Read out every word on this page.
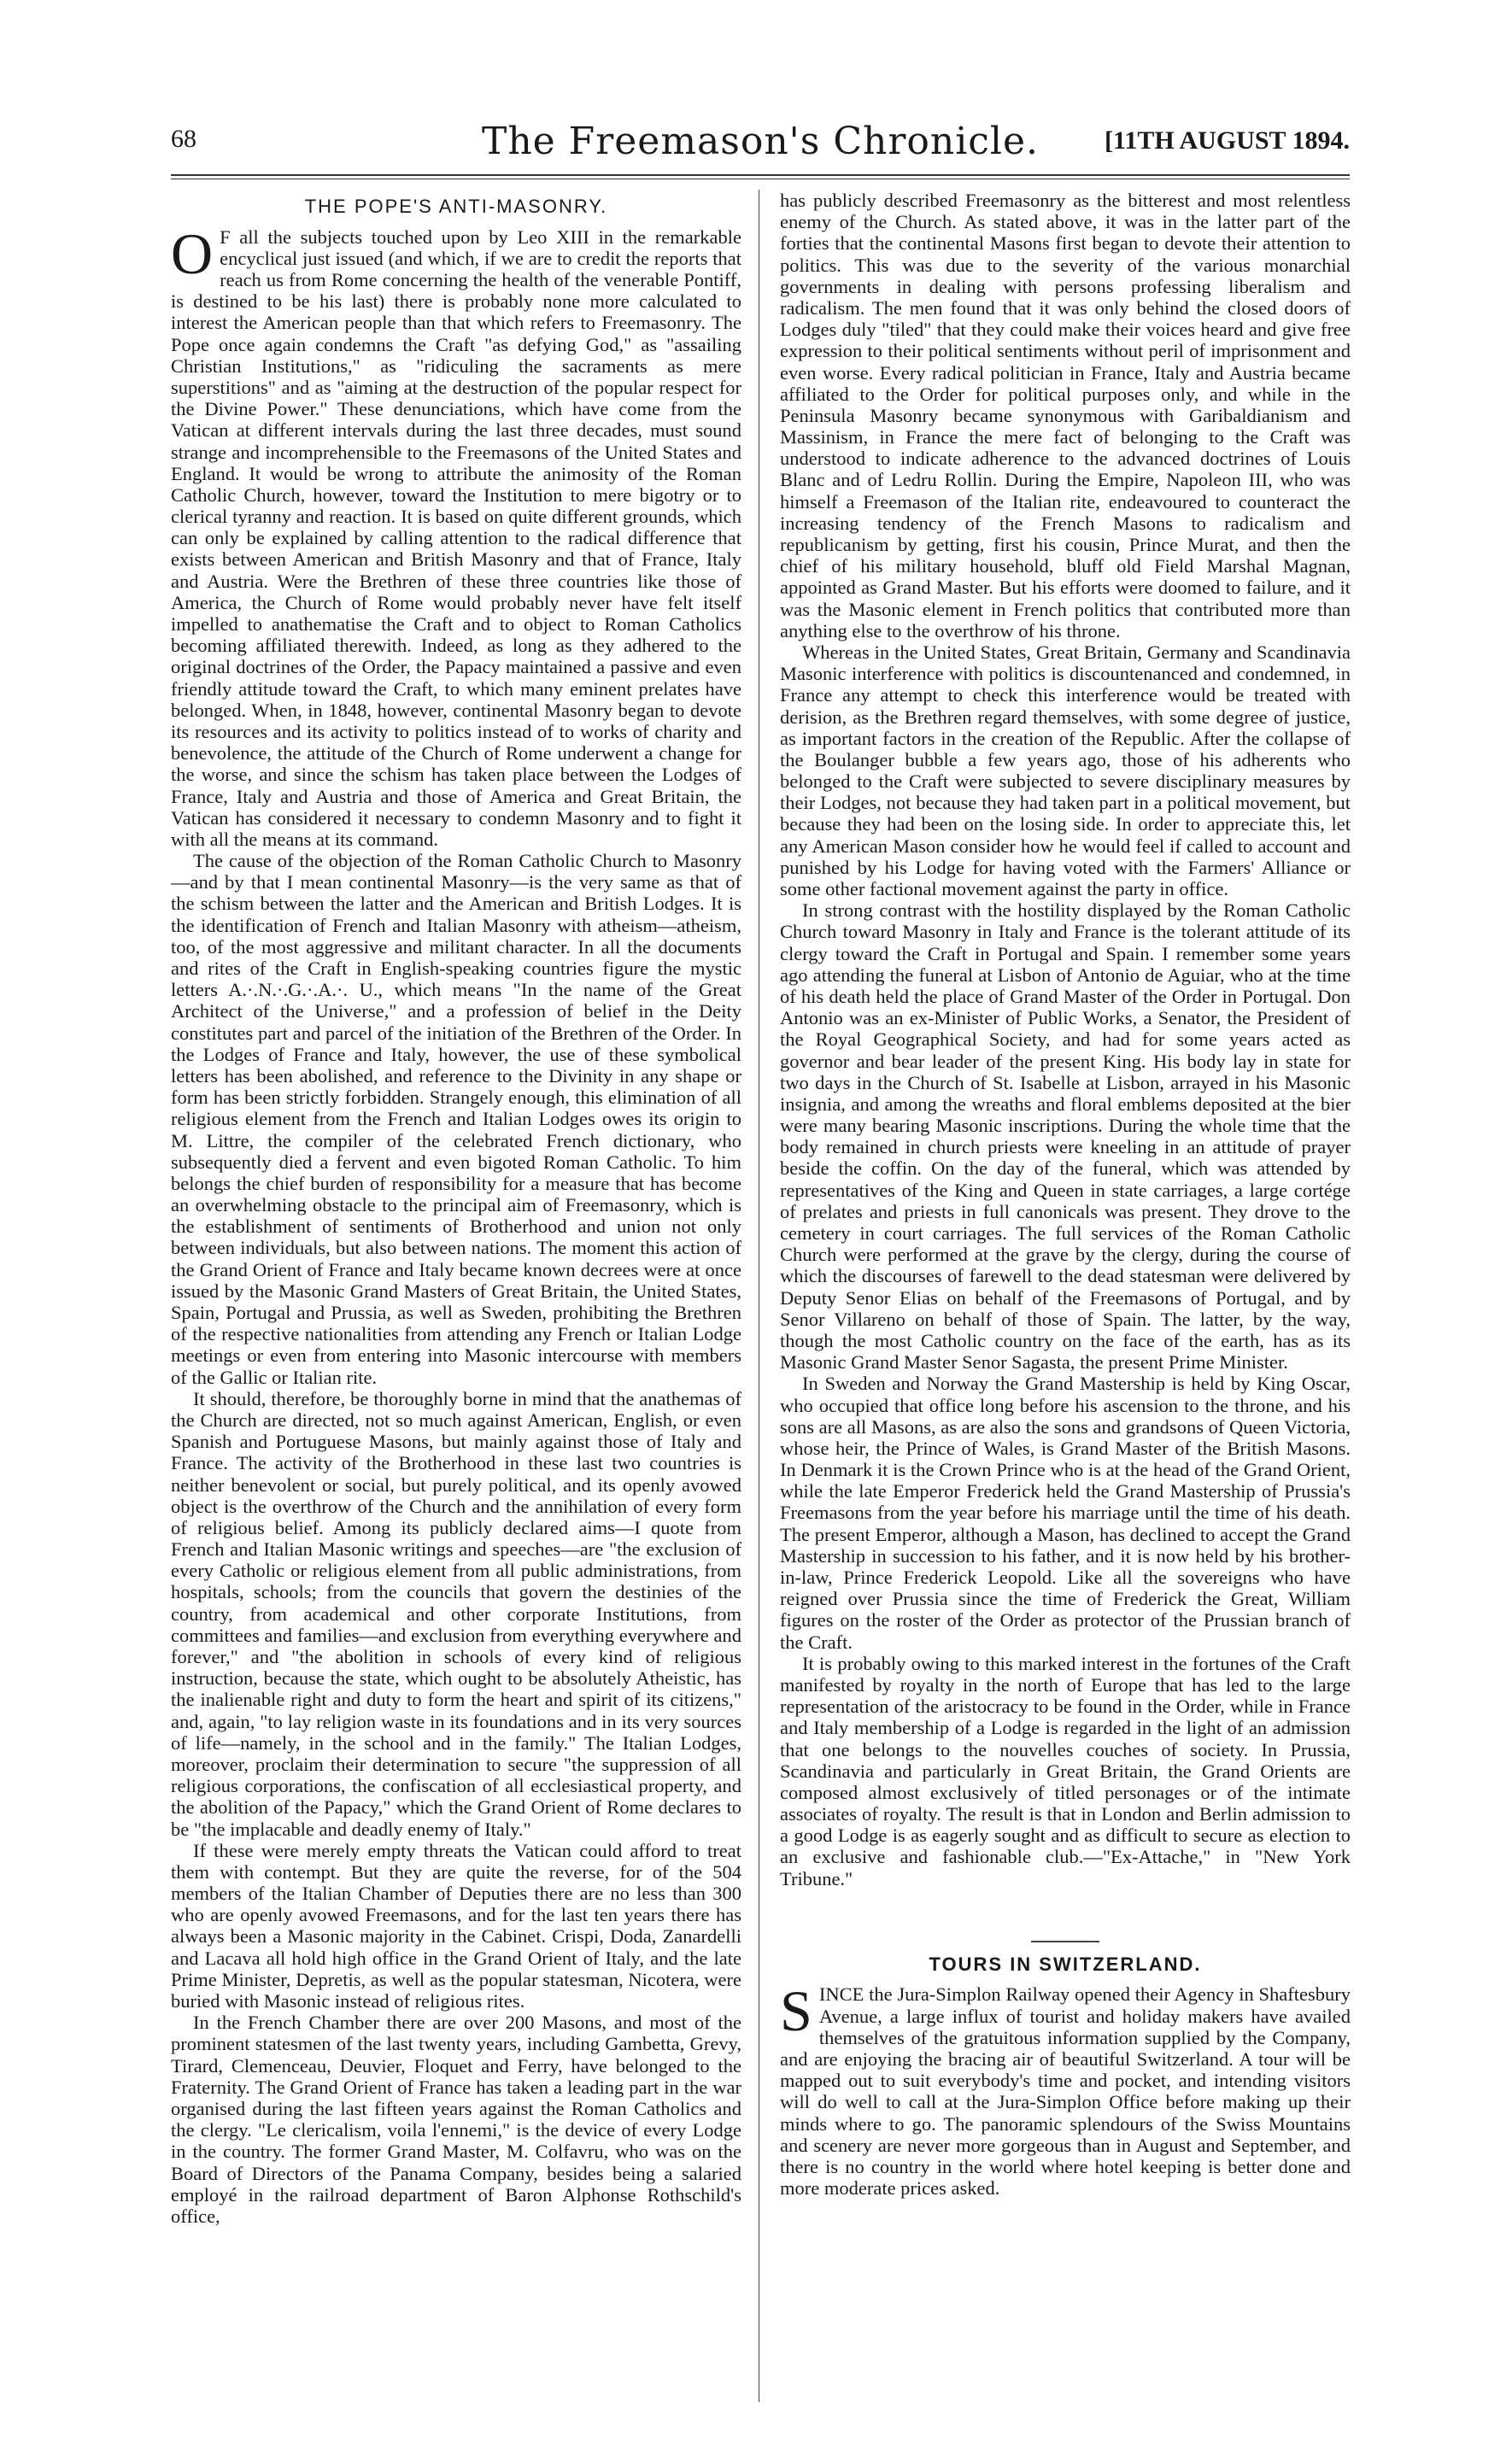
68	The Freemason's Chronicle.	[11TH AUGUST 1894.
THE POPE'S ANTI-MASONRY.

O F all the subjects touched upon by Leo XIII in the remarkable encyclical just issued (and which, if we are to credit the reports that reach us from Rome concerning the health of the venerable Pontiff, is destined to be his last) there is probably none more calculated to interest the American people than that which refers to Freemasonry. The Pope once again condemns the Craft "as defying God," as "assailing Christian Institutions," as "ridiculing the sacraments as mere superstitions" and as "aiming at the destruction of the popular respect for the Divine Power." These denunciations, which have come from the Vatican at different intervals during the last three decades, must sound strange and incomprehensible to the Freemasons of the United States and England. It would be wrong to attribute the animosity of the Roman Catholic Church, however, toward the Institution to mere bigotry or to clerical tyranny and reaction. It is based on quite different grounds, which can only be explained by calling attention to the radical difference that exists between American and British Masonry and that of France, Italy and Austria. Were the Brethren of these three countries like those of America, the Church of Rome would probably never have felt itself impelled to anathematise the Craft and to object to Roman Catholics becoming affiliated therewith. Indeed, as long as they adhered to the original doctrines of the Order, the Papacy maintained a passive and even friendly attitude toward the Craft, to which many eminent prelates have belonged. When, in 1848, however, continental Masonry began to devote its resources and its activity to politics instead of to works of charity and benevolence, the attitude of the Church of Rome underwent a change for the worse, and since the schism has taken place between the Lodges of France, Italy and Austria and those of America and Great Britain, the Vatican has considered it necessary to condemn Masonry and to fight it with all the means at its command.

The cause of the objection of the Roman Catholic Church to Masonry—and by that I mean continental Masonry—is the very same as that of the schism between the latter and the American and British Lodges. It is the identification of French and Italian Masonry with atheism—atheism, too, of the most aggressive and militant character. In all the documents and rites of the Craft in English-speaking countries figure the mystic letters A.·.N.·.G.·.A.·. U., which means "In the name of the Great Architect of the Universe," and a profession of belief in the Deity constitutes part and parcel of the initiation of the Brethren of the Order. In the Lodges of France and Italy, however, the use of these symbolical letters has been abolished, and reference to the Divinity in any shape or form has been strictly forbidden. Strangely enough, this elimination of all religious element from the French and Italian Lodges owes its origin to M. Littre, the compiler of the celebrated French dictionary, who subsequently died a fervent and even bigoted Roman Catholic. To him belongs the chief burden of responsibility for a measure that has become an overwhelming obstacle to the principal aim of Freemasonry, which is the establishment of sentiments of Brotherhood and union not only between individuals, but also between nations. The moment this action of the Grand Orient of France and Italy became known decrees were at once issued by the Masonic Grand Masters of Great Britain, the United States, Spain, Portugal and Prussia, as well as Sweden, prohibiting the Brethren of the respective nationalities from attending any French or Italian Lodge meetings or even from entering into Masonic intercourse with members of the Gallic or Italian rite.

It should, therefore, be thoroughly borne in mind that the anathemas of the Church are directed, not so much against American, English, or even Spanish and Portuguese Masons, but mainly against those of Italy and France. The activity of the Brotherhood in these last two countries is neither benevolent or social, but purely political, and its openly avowed object is the overthrow of the Church and the annihilation of every form of religious belief. Among its publicly declared aims—I quote from French and Italian Masonic writings and speeches—are "the exclusion of every Catholic or religious element from all public administrations, from hospitals, schools; from the councils that govern the destinies of the country, from academical and other corporate Institutions, from committees and families—and exclusion from everything everywhere and forever," and "the abolition in schools of every kind of religious instruction, because the state, which ought to be absolutely Atheistic, has the inalienable right and duty to form the heart and spirit of its citizens," and, again, "to lay religion waste in its foundations and in its very sources of life—namely, in the school and in the family." The Italian Lodges, moreover, proclaim their determination to secure "the suppression of all religious corporations, the confiscation of all ecclesiastical property, and the abolition of the Papacy," which the Grand Orient of Rome declares to be "the implacable and deadly enemy of Italy."

If these were merely empty threats the Vatican could afford to treat them with contempt. But they are quite the reverse, for of the 504 members of the Italian Chamber of Deputies there are no less than 300 who are openly avowed Freemasons, and for the last ten years there has always been a Masonic majority in the Cabinet. Crispi, Doda, Zanardelli and Lacava all hold high office in the Grand Orient of Italy, and the late Prime Minister, Depretis, as well as the popular statesman, Nicotera, were buried with Masonic instead of religious rites.

In the French Chamber there are over 200 Masons, and most of the prominent statesmen of the last twenty years, including Gambetta, Grevy, Tirard, Clemenceau, Deuvier, Floquet and Ferry, have belonged to the Fraternity. The Grand Orient of France has taken a leading part in the war organised during the last fifteen years against the Roman Catholics and the clergy. "Le clericalism, voila l'ennemi," is the device of every Lodge in the country. The former Grand Master, M. Colfavru, who was on the Board of Directors of the Panama Company, besides being a salaried employé in the railroad department of Baron Alphonse Rothschild's office,

has publicly described Freemasonry as the bitterest and most relentless enemy of the Church. As stated above, it was in the latter part of the forties that the continental Masons first began to devote their attention to politics. This was due to the severity of the various monarchial governments in dealing with persons professing liberalism and radicalism. The men found that it was only behind the closed doors of Lodges duly "tiled" that they could make their voices heard and give free expression to their political sentiments without peril of imprisonment and even worse. Every radical politician in France, Italy and Austria became affiliated to the Order for political purposes only, and while in the Peninsula Masonry became synonymous with Garibaldianism and Massinism, in France the mere fact of belonging to the Craft was understood to indicate adherence to the advanced doctrines of Louis Blanc and of Ledru Rollin. During the Empire, Napoleon III, who was himself a Freemason of the Italian rite, endeavoured to counteract the increasing tendency of the French Masons to radicalism and republicanism by getting, first his cousin, Prince Murat, and then the chief of his military household, bluff old Field Marshal Magnan, appointed as Grand Master. But his efforts were doomed to failure, and it was the Masonic element in French politics that contributed more than anything else to the overthrow of his throne.

Whereas in the United States, Great Britain, Germany and Scandinavia Masonic interference with politics is discountenanced and condemned, in France any attempt to check this interference would be treated with derision, as the Brethren regard themselves, with some degree of justice, as important factors in the creation of the Republic. After the collapse of the Boulanger bubble a few years ago, those of his adherents who belonged to the Craft were subjected to severe disciplinary measures by their Lodges, not because they had taken part in a political movement, but because they had been on the losing side. In order to appreciate this, let any American Mason consider how he would feel if called to account and punished by his Lodge for having voted with the Farmers' Alliance or some other factional movement against the party in office.

In strong contrast with the hostility displayed by the Roman Catholic Church toward Masonry in Italy and France is the tolerant attitude of its clergy toward the Craft in Portugal and Spain. I remember some years ago attending the funeral at Lisbon of Antonio de Aguiar, who at the time of his death held the place of Grand Master of the Order in Portugal. Don Antonio was an ex-Minister of Public Works, a Senator, the President of the Royal Geographical Society, and had for some years acted as governor and bear leader of the present King. His body lay in state for two days in the Church of St. Isabelle at Lisbon, arrayed in his Masonic insignia, and among the wreaths and floral emblems deposited at the bier were many bearing Masonic inscriptions. During the whole time that the body remained in church priests were kneeling in an attitude of prayer beside the coffin. On the day of the funeral, which was attended by representatives of the King and Queen in state carriages, a large cortége of prelates and priests in full canonicals was present. They drove to the cemetery in court carriages. The full services of the Roman Catholic Church were performed at the grave by the clergy, during the course of which the discourses of farewell to the dead statesman were delivered by Deputy Senor Elias on behalf of the Freemasons of Portugal, and by Senor Villareno on behalf of those of Spain. The latter, by the way, though the most Catholic country on the face of the earth, has as its Masonic Grand Master Senor Sagasta, the present Prime Minister.

In Sweden and Norway the Grand Mastership is held by King Oscar, who occupied that office long before his ascension to the throne, and his sons are all Masons, as are also the sons and grandsons of Queen Victoria, whose heir, the Prince of Wales, is Grand Master of the British Masons. In Denmark it is the Crown Prince who is at the head of the Grand Orient, while the late Emperor Frederick held the Grand Mastership of Prussia's Freemasons from the year before his marriage until the time of his death. The present Emperor, although a Mason, has declined to accept the Grand Mastership in succession to his father, and it is now held by his brother-in-law, Prince Frederick Leopold. Like all the sovereigns who have reigned over Prussia since the time of Frederick the Great, William figures on the roster of the Order as protector of the Prussian branch of the Craft.

It is probably owing to this marked interest in the fortunes of the Craft manifested by royalty in the north of Europe that has led to the large representation of the aristocracy to be found in the Order, while in France and Italy membership of a Lodge is regarded in the light of an admission that one belongs to the nouvelles couches of society. In Prussia, Scandinavia and particularly in Great Britain, the Grand Orients are composed almost exclusively of titled personages or of the intimate associates of royalty. The result is that in London and Berlin admission to a good Lodge is as eagerly sought and as difficult to secure as election to an exclusive and fashionable club.—"Ex-Attache," in "New York Tribune."

TOURS IN SWITZERLAND.

SINCE the Jura-Simplon Railway opened their Agency in Shaftesbury Avenue, a large influx of tourist and holiday makers have availed themselves of the gratuitous information supplied by the Company, and are enjoying the bracing air of beautiful Switzerland. A tour will be mapped out to suit everybody's time and pocket, and intending visitors will do well to call at the Jura-Simplon Office before making up their minds where to go. The panoramic splendours of the Swiss Mountains and scenery are never more gorgeous than in August and September, and there is no country in the world where hotel keeping is better done and more moderate prices asked.
